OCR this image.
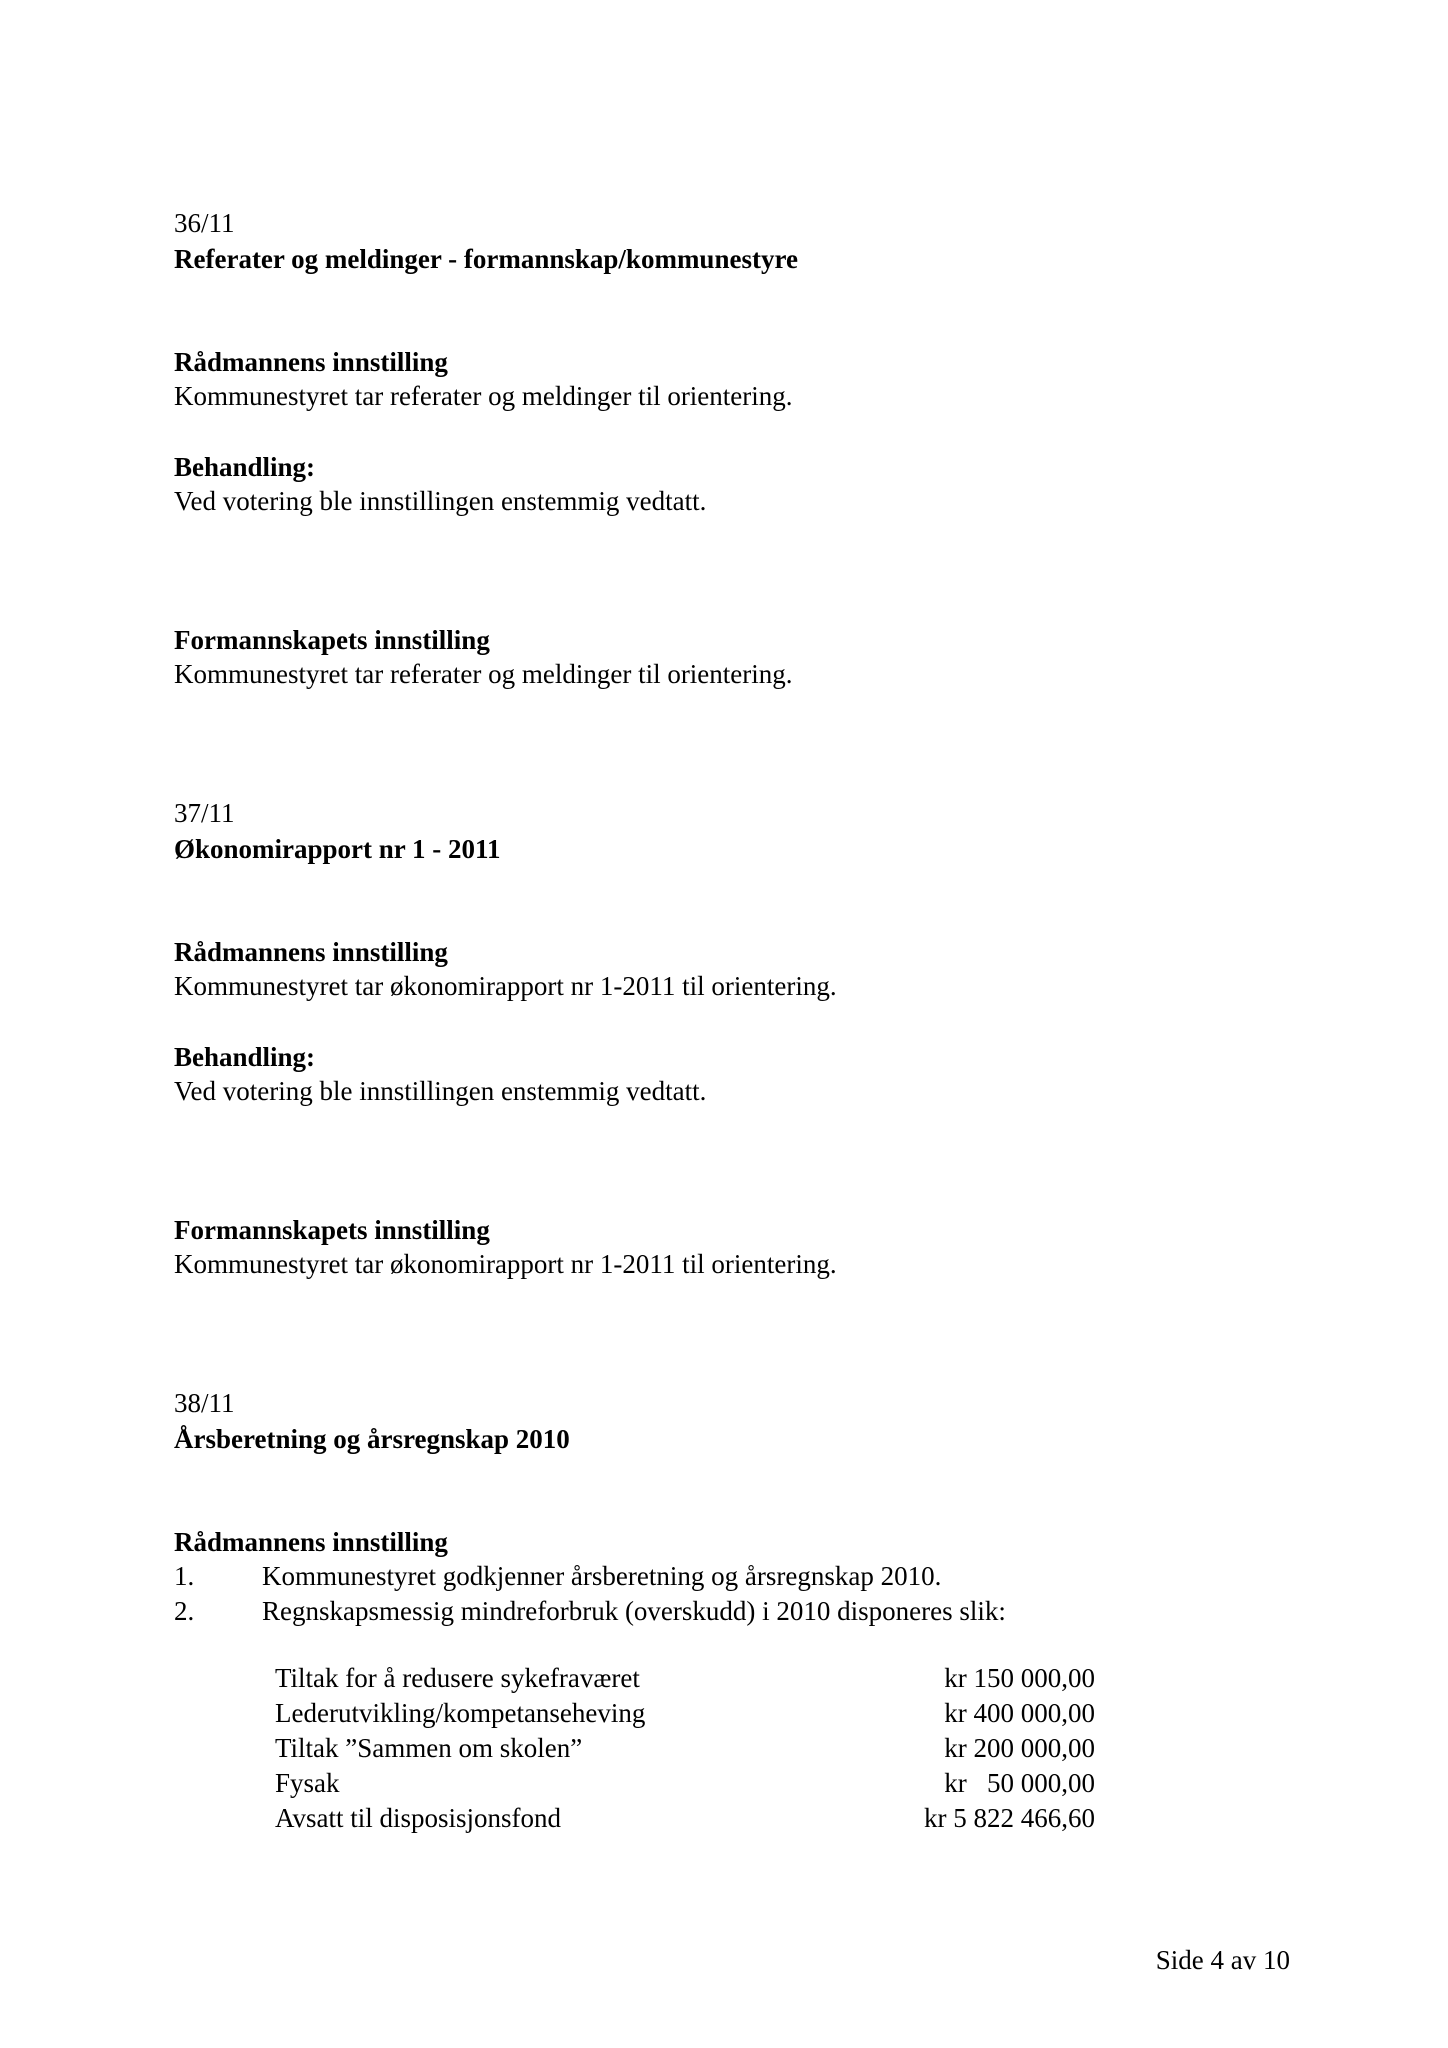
36/11
Referater og meldinger - formannskap/kommunestyre
Rådmannens innstilling
Kommunestyret tar referater og meldinger til orientering.
Behandling:
Ved votering ble innstillingen enstemmig vedtatt.
Formannskapets innstilling
Kommunestyret tar referater og meldinger til orientering.
37/11
Økonomirapport nr 1 - 2011
Rådmannens innstilling
Kommunestyret tar økonomirapport nr 1-2011 til orientering.
Behandling:
Ved votering ble innstillingen enstemmig vedtatt.
Formannskapets innstilling
Kommunestyret tar økonomirapport nr 1-2011 til orientering.
38/11
Årsberetning og årsregnskap 2010
Rådmannens innstilling
1.	Kommunestyret godkjenner årsberetning og årsregnskap 2010.
2.	Regnskapsmessig mindreforbruk (overskudd) i 2010 disponeres slik:
Tiltak for å redusere sykefraværet	kr 150 000,00
Lederutvikling/kompetanseheving	kr 400 000,00
Tiltak ”Sammen om skolen”	kr 200 000,00
Fysak	kr   50 000,00
Avsatt til disposisjonsfond	kr 5 822 466,60
Side 4 av 10
